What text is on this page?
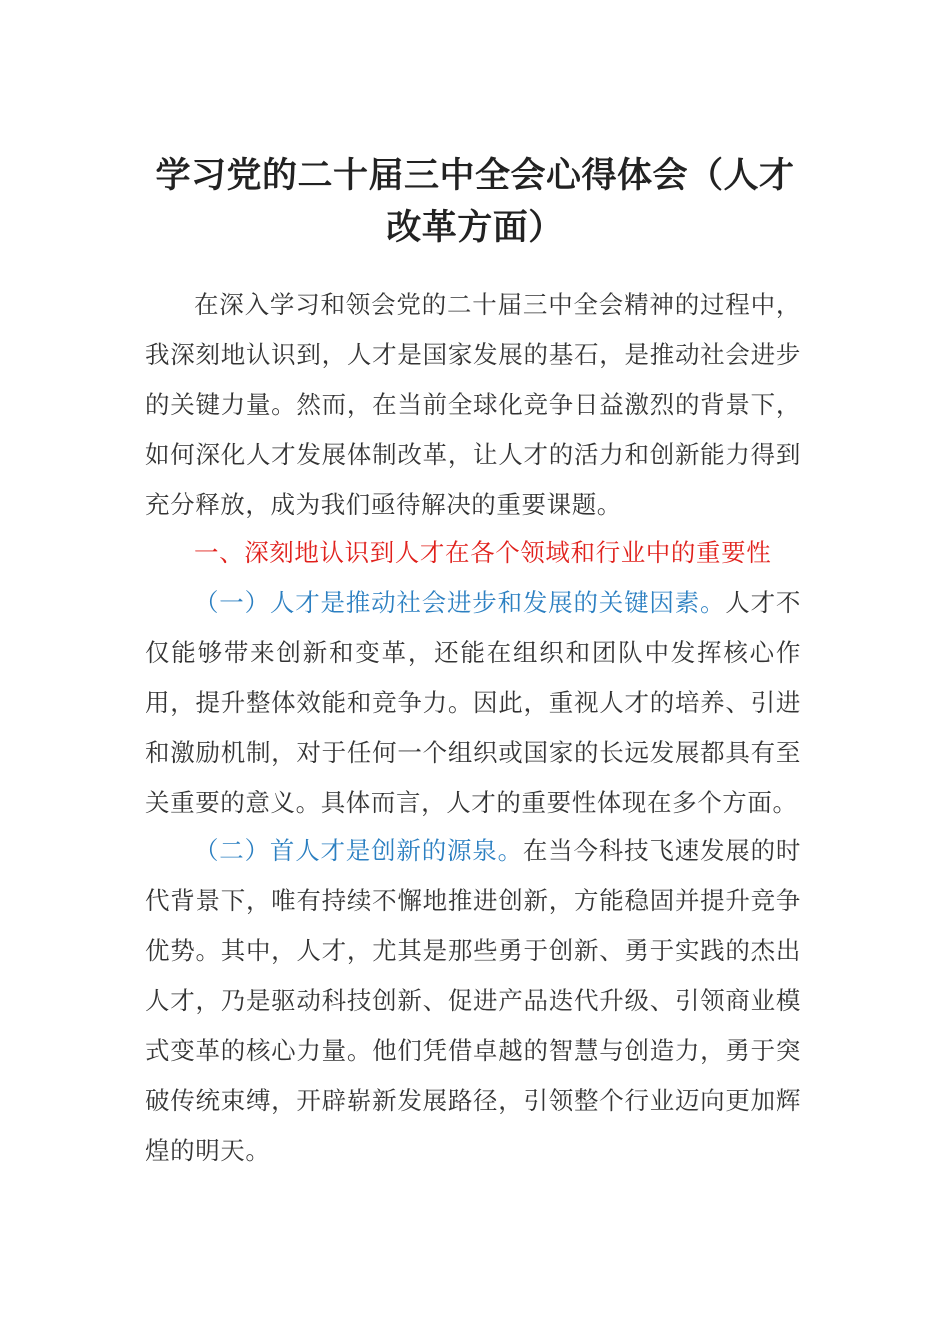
学习党的二十届三中全会心得体会（人才改革方面）

在深入学习和领会党的二十届三中全会精神的过程中，我深刻地认识到，人才是国家发展的基石，是推动社会进步的关键力量。然而，在当前全球化竞争日益激烈的背景下，如何深化人才发展体制改革，让人才的活力和创新能力得到充分释放，成为我们亟待解决的重要课题。

一、深刻地认识到人才在各个领域和行业中的重要性

（一）人才是推动社会进步和发展的关键因素。人才不仅能够带来创新和变革，还能在组织和团队中发挥核心作用，提升整体效能和竞争力。因此，重视人才的培养、引进和激励机制，对于任何一个组织或国家的长远发展都具有至关重要的意义。具体而言，人才的重要性体现在多个方面。

（二）首人才是创新的源泉。在当今科技飞速发展的时代背景下，唯有持续不懈地推进创新，方能稳固并提升竞争优势。其中，人才，尤其是那些勇于创新、勇于实践的杰出人才，乃是驱动科技创新、促进产品迭代升级、引领商业模式变革的核心力量。他们凭借卓越的智慧与创造力，勇于突破传统束缚，开辟崭新发展路径，引领整个行业迈向更加辉煌的明天。
